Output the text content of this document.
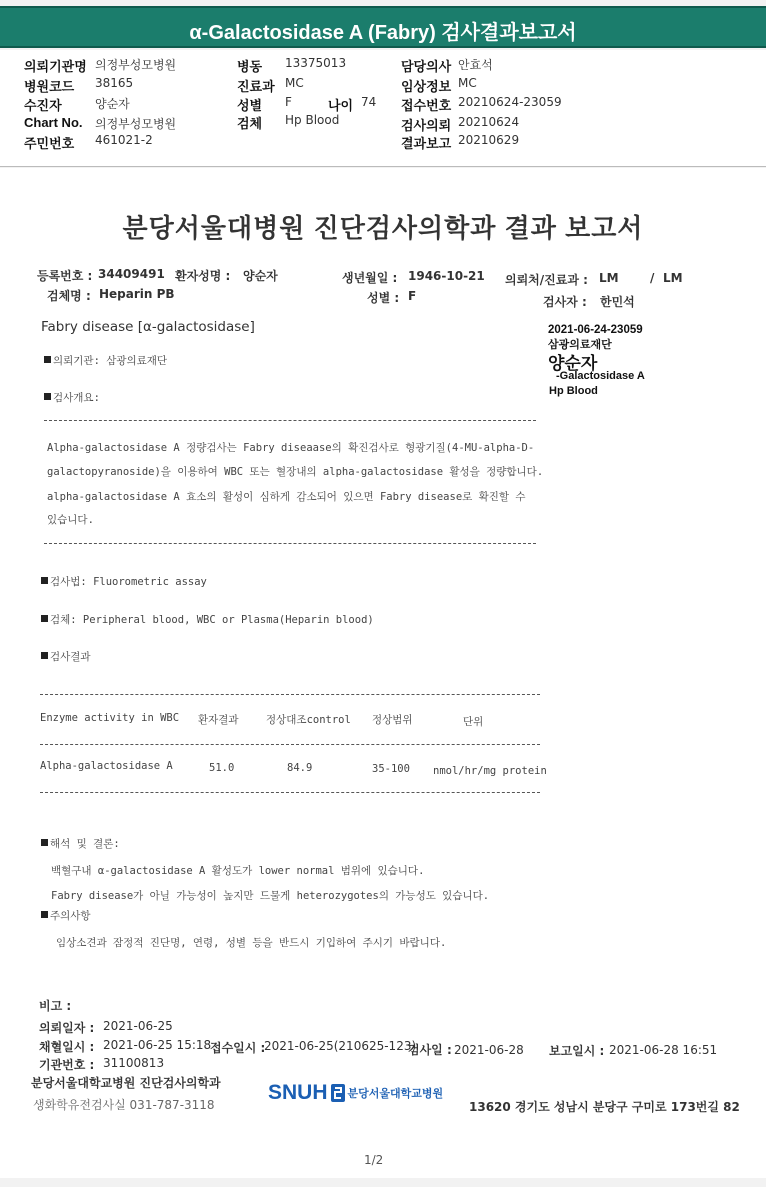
α-Galactosidase A (Fabry) 검사결과보고서
의뢰기관명 의정부성모병원
병원코드 38165
수진자	양순자
Chart No. 의정부성모병원
주민번호 461021-2
병동 13375013
진료과 MC
성별 F	나이 74
검체 Hp Blood
담당의사 안효석
임상정보 MC
접수번호 20210624-23059
검사의뢰 20210624
결과보고 20210629
분당서울대병원 진단검사의학과 결과 보고서
등록번호 : 34409491 환자성명 : 양순자	생년월일 : 1946-10-21 의뢰처/진료과 : LM	/ LM
검체명 : Heparin PB	성별 : F	검사자 : 한민석
Fabry disease [α-galactosidase]	2021-06-24-23059
삼광의료재단
양순자
-Galactosidase A
Hp Blood
의뢰기관: 삼광의료재단
검사개요:
Alpha-galactosidase A 정량검사는 Fabry diseaase의 확진검사로 형광기질(4-MU-alpha-D-
galactopyranoside)을 이용하여 WBC 또는 혈장내의 alpha-galactosidase 활성을 정량합니다.
alpha-galactosidase A 효소의 활성이 심하게 감소되어 있으면 Fabry disease로 확진할 수
있습니다.
검사법: Fluorometric assay
검체: Peripheral blood, WBC or Plasma(Heparin blood)
검사결과
Enzyme activity in WBC 환자결과	정상대조control 정상범위	단위
Alpha-galactosidase A	51.0	84.9	35-100 nmol/hr/mg protein
해석 및 결론:
백혈구내 α-galactosidase A 활성도가 lower normal 범위에 있습니다.
Fabry disease가 아닐 가능성이 높지만 드물게 heterozygotes의 가능성도 있습니다.
주의사항
임상소견과 잠정적 진단명, 연령, 성별 등을 반드시 기입하여 주시기 바랍니다.
비고 :
의뢰일자 : 2021-06-25
채혈일시 : 2021-06-25 15:18
접수일시 :
2021-06-25(210625-123)
검사일 : 2021-06-28 보고일시 : 2021-06-28 16:51
기관번호 : 31100813
분당서울대학교병원 진단검사의학과
생화학유전검사실 031-787-3118
SNUH 분당서울대학교병원
13620 경기도 성남시 분당구 구미로 173번길 82
1/2
